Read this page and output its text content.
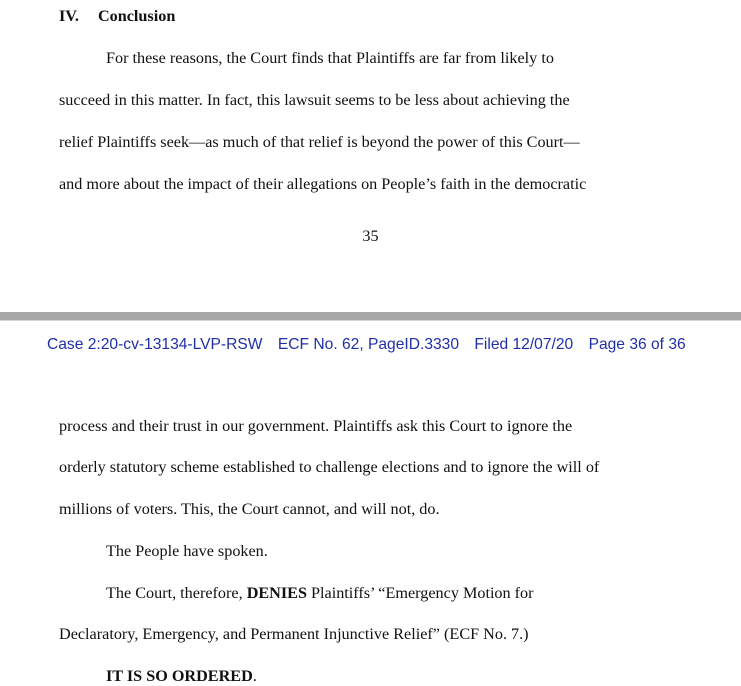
IV. Conclusion
For these reasons, the Court finds that Plaintiffs are far from likely to
succeed in this matter. In fact, this lawsuit seems to be less about achieving the
relief Plaintiffs seek—as much of that relief is beyond the power of this Court—
and more about the impact of their allegations on People’s faith in the democratic
35
Case 2:20-cv-13134-LVP-RSW ECF No. 62, PageID.3330 Filed 12/07/20 Page 36 of 36
process and their trust in our government. Plaintiffs ask this Court to ignore the
orderly statutory scheme established to challenge elections and to ignore the will of
millions of voters. This, the Court cannot, and will not, do.
The People have spoken.
The Court, therefore, DENIES Plaintiffs’ “Emergency Motion for
Declaratory, Emergency, and Permanent Injunctive Relief” (ECF No. 7.)
IT IS SO ORDERED.
